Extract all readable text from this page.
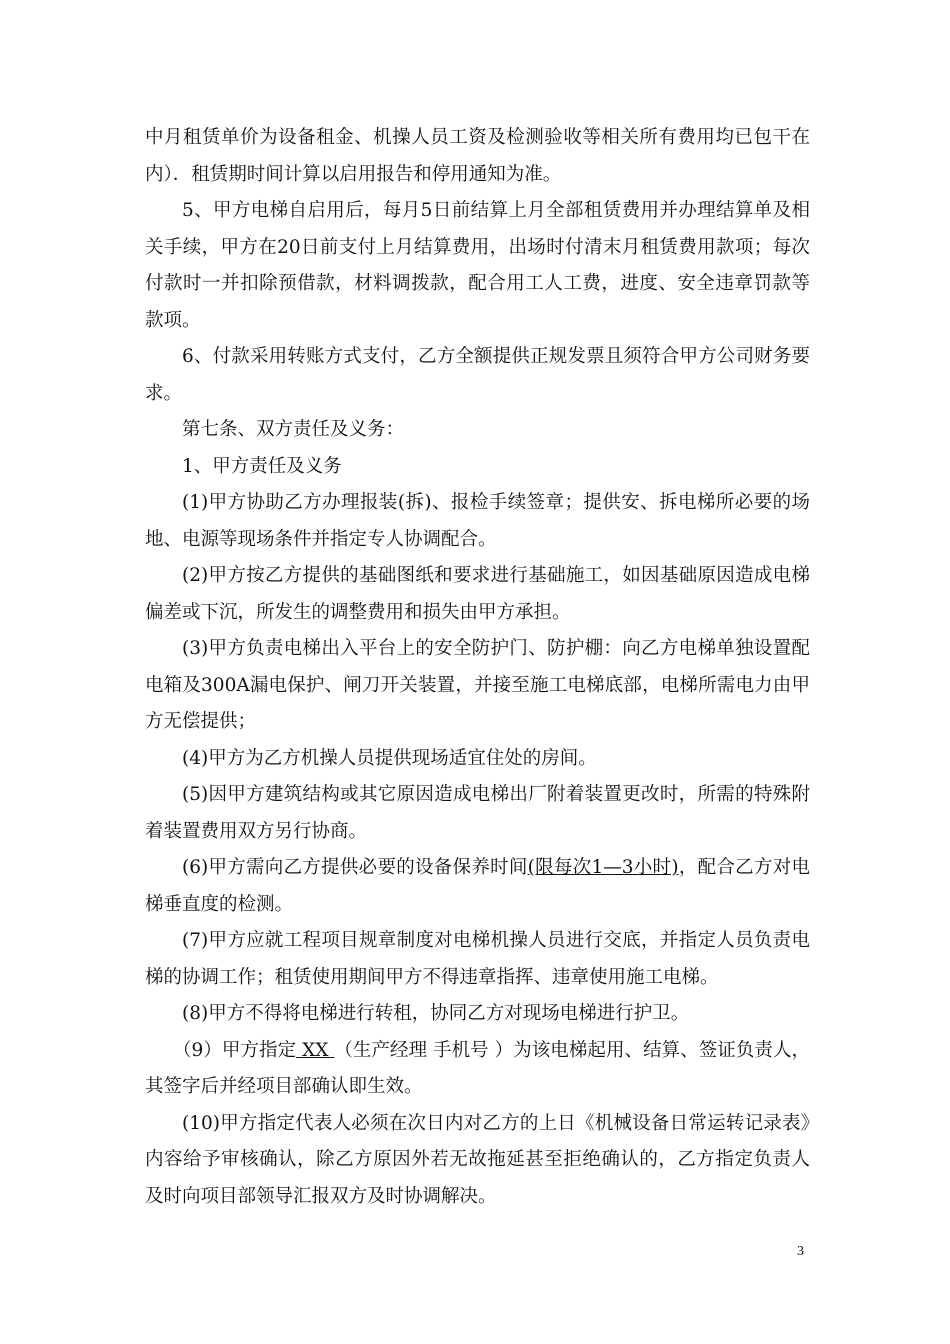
中月租赁单价为设备租金、机操人员工资及检测验收等相关所有费用均已包干在内）．租赁期时间计算以启用报告和停用通知为准。

5、甲方电梯自启用后，每月5日前结算上月全部租赁费用并办理结算单及相关手续，甲方在20日前支付上月结算费用，出场时付清末月租赁费用款项；每次付款时一并扣除预借款，材料调拨款，配合用工人工费，进度、安全违章罚款等款项。

6、付款采用转账方式支付，乙方全额提供正规发票且须符合甲方公司财务要求。

第七条、双方责任及义务：

1、甲方责任及义务

(1)甲方协助乙方办理报装(拆)、报检手续签章；提供安、拆电梯所必要的场地、电源等现场条件并指定专人协调配合。

(2)甲方按乙方提供的基础图纸和要求进行基础施工，如因基础原因造成电梯偏差或下沉，所发生的调整费用和损失由甲方承担。

(3)甲方负责电梯出入平台上的安全防护门、防护棚：向乙方电梯单独设置配电箱及300A漏电保护、闸刀开关装置，并接至施工电梯底部，电梯所需电力由甲方无偿提供；

(4)甲方为乙方机操人员提供现场适宜住处的房间。

(5)因甲方建筑结构或其它原因造成电梯出厂附着装置更改时，所需的特殊附着装置费用双方另行协商。

(6)甲方需向乙方提供必要的设备保养时间(限每次1—3小时)，配合乙方对电梯垂直度的检测。

(7)甲方应就工程项目规章制度对电梯机操人员进行交底，并指定人员负责电梯的协调工作；租赁使用期间甲方不得违章指挥、违章使用施工电梯。

(8)甲方不得将电梯进行转租，协同乙方对现场电梯进行护卫。

（9）甲方指定 XX （生产经理 手机号 ）为该电梯起用、结算、签证负责人，其签字后并经项目部确认即生效。

(10)甲方指定代表人必须在次日内对乙方的上日《机械设备日常运转记录表》内容给予审核确认，除乙方原因外若无故拖延甚至拒绝确认的，乙方指定负责人及时向项目部领导汇报双方及时协调解决。

3
